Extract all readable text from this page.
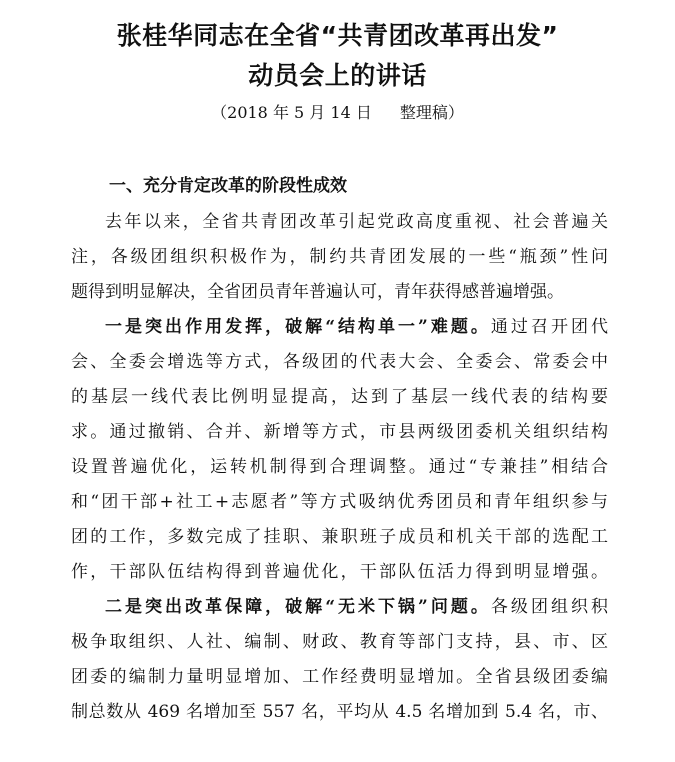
张桂华同志在全省“共青团改革再出发”
动员会上的讲话
（2018 年 5 月 14 日 整理稿）
一、充分肯定改革的阶段性成效
去年以来，全省共青团改革引起党政高度重视、社会普遍关
注，各级团组织积极作为，制约共青团发展的一些“瓶颈”性问
题得到明显解决，全省团员青年普遍认可，青年获得感普遍增强。
一是突出作用发挥，破解“结构单一”难题。通过召开团代
会、全委会增选等方式，各级团的代表大会、全委会、常委会中
的基层一线代表比例明显提高，达到了基层一线代表的结构要
求。通过撤销、合并、新增等方式，市县两级团委机关组织结构
设置普遍优化，运转机制得到合理调整。通过“专兼挂”相结合
和“团干部+社工+志愿者”等方式吸纳优秀团员和青年组织参与
团的工作，多数完成了挂职、兼职班子成员和机关干部的选配工
作，干部队伍结构得到普遍优化，干部队伍活力得到明显增强。
二是突出改革保障，破解“无米下锅”问题。各级团组织积
极争取组织、人社、编制、财政、教育等部门支持，县、市、区
团委的编制力量明显增加、工作经费明显增加。全省县级团委编
制总数从 469 名增加至 557 名，平均从 4.5 名增加到 5.4 名，市、
